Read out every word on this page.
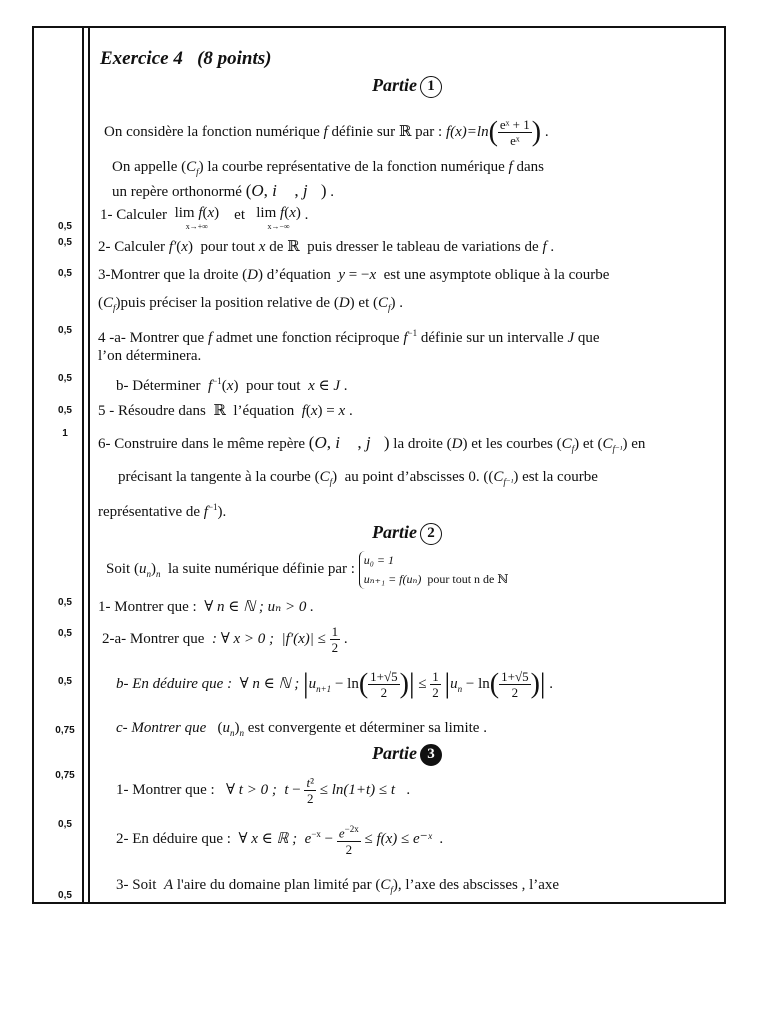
0,5
0,5
0,5
0,5
0,5
0,5
1
0,5
0,5
0,5
0,75
0,75
0,5
0,5
Exercice 4 (8 points)
Partie 1
On considère la fonction numérique f définie sur ℝ par : $f(x)=\ln( \frac{\text{eˣ + 1}}{\text{eˣ}}$ ) .
On appelle $(C_f)$ la courbe représentative de la fonction numérique f dans
un repère orthonormé (O, i⃗ , j⃗) .
1- Calculer lim f(x)
x→+∞
et lim f(x)
x→−∞
.
2- Calculer f′(x)  pour tout x de ℝ  puis dresser le tableau de variations de f .
3-Montrer que la droite (D) d’équation y = −x est une asymptote oblique à la courbe
$(C_f)puis$ préciser la position relative de (D) et $(C_f)$ .
4 -a- Montrer que f admet une fonction réciproque $f^{-1}$ définie sur un intervalle J que
l’on déterminera.
b- Déterminer $f^{-1}(x)$  pour tout x ∈ J .
5 - Résoudre dans  ℝ  l’équation f(x) = x .
6- Construire dans le même repère (O, i⃗ , j⃗) la droite (D) et les courbes $(C_f)$ et $(C_{f^{-1}})$ en
précisant la tangente à la courbe $(C_f)$  au point d’abscisses 0. ($(C_{f^{-1}})$ est la courbe
représentative de $f^{-1}$).
Partie 2
Soit $(u_n)_n$ la suite numérique définie par : u₀ = 1
uₙ₊₁ = f(uₙ) pour tout n de ℕ
1- Montrer que : ∀ n ∈ ℕ ; uₙ > 0 .
2-a- Montrer que : ∀ x > 0 ; $|f'(x)| \le \frac{1}{2}$ .
b- En déduire que : ∀ n ∈ ℕ ; $|u_{n+1} - \ln( \frac{1+√5}{2}$ )| ≤ $\frac{1}{2} |u_n - \ln( \frac{1+√5}{2}$ )| .
c- Montrer que   $(u_n)_n$ est convergente et déterminer sa limite .
Partie 3
1- Montrer que : ∀ t > 0 ; $t - \frac{\text{t²}}{2} \le \ln(1+t) \le t$   .
2- En déduire que : ∀ x ∈ ℝ ; $e^{-x} - \frac{e^{-2x}}{2} \le f(x)$ ≤ e⁻ˣ  .
3- Soit A l'aire du domaine plan limité par $(C_f)$, l’axe des abscisses , l’axe
